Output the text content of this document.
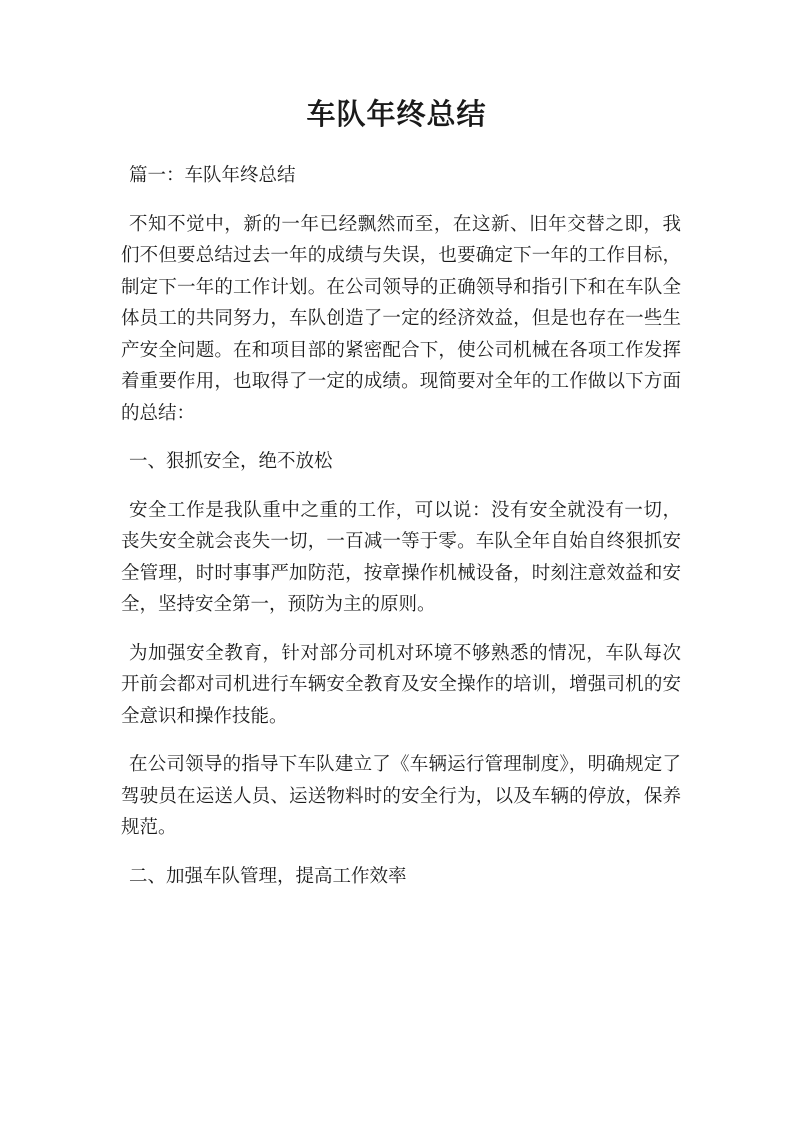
车队年终总结
篇一：车队年终总结
不知不觉中，新的一年已经飘然而至，在这新、旧年交替之即，我们不但要总结过去一年的成绩与失误，也要确定下一年的工作目标，制定下一年的工作计划。在公司领导的正确领导和指引下和在车队全体员工的共同努力，车队创造了一定的经济效益，但是也存在一些生产安全问题。在和项目部的紧密配合下，使公司机械在各项工作发挥着重要作用，也取得了一定的成绩。现简要对全年的工作做以下方面的总结：
一、狠抓安全，绝不放松
安全工作是我队重中之重的工作，可以说：没有安全就没有一切，丧失安全就会丧失一切，一百减一等于零。车队全年自始自终狠抓安全管理，时时事事严加防范，按章操作机械设备，时刻注意效益和安全，坚持安全第一，预防为主的原则。
为加强安全教育，针对部分司机对环境不够熟悉的情况，车队每次开前会都对司机进行车辆安全教育及安全操作的培训，增强司机的安全意识和操作技能。
在公司领导的指导下车队建立了《车辆运行管理制度》，明确规定了驾驶员在运送人员、运送物料时的安全行为，以及车辆的停放，保养规范。
二、加强车队管理，提高工作效率
